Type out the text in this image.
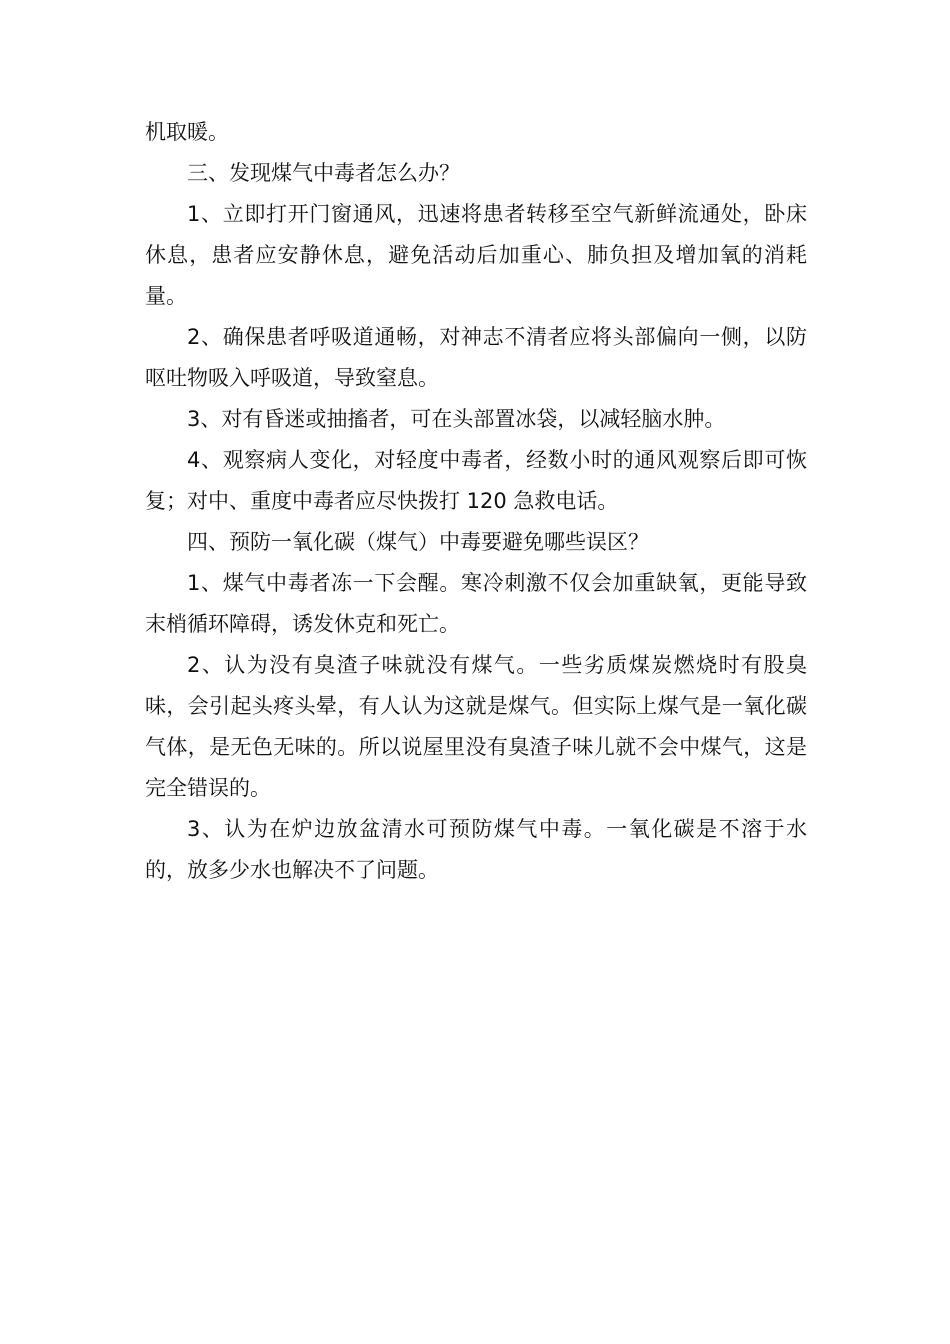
机取暖。

三、发现煤气中毒者怎么办？

1、立即打开门窗通风，迅速将患者转移至空气新鲜流通处，卧床休息，患者应安静休息，避免活动后加重心、肺负担及增加氧的消耗量。

2、确保患者呼吸道通畅，对神志不清者应将头部偏向一侧，以防呕吐物吸入呼吸道，导致窒息。

3、对有昏迷或抽搐者，可在头部置冰袋，以减轻脑水肿。

4、观察病人变化，对轻度中毒者，经数小时的通风观察后即可恢复；对中、重度中毒者应尽快拨打 120 急救电话。

四、预防一氧化碳（煤气）中毒要避免哪些误区？

1、煤气中毒者冻一下会醒。寒冷刺激不仅会加重缺氧，更能导致末梢循环障碍，诱发休克和死亡。

2、认为没有臭渣子味就没有煤气。一些劣质煤炭燃烧时有股臭味，会引起头疼头晕，有人认为这就是煤气。但实际上煤气是一氧化碳气体，是无色无味的。所以说屋里没有臭渣子味儿就不会中煤气，这是完全错误的。

3、认为在炉边放盆清水可预防煤气中毒。一氧化碳是不溶于水的，放多少水也解决不了问题。
